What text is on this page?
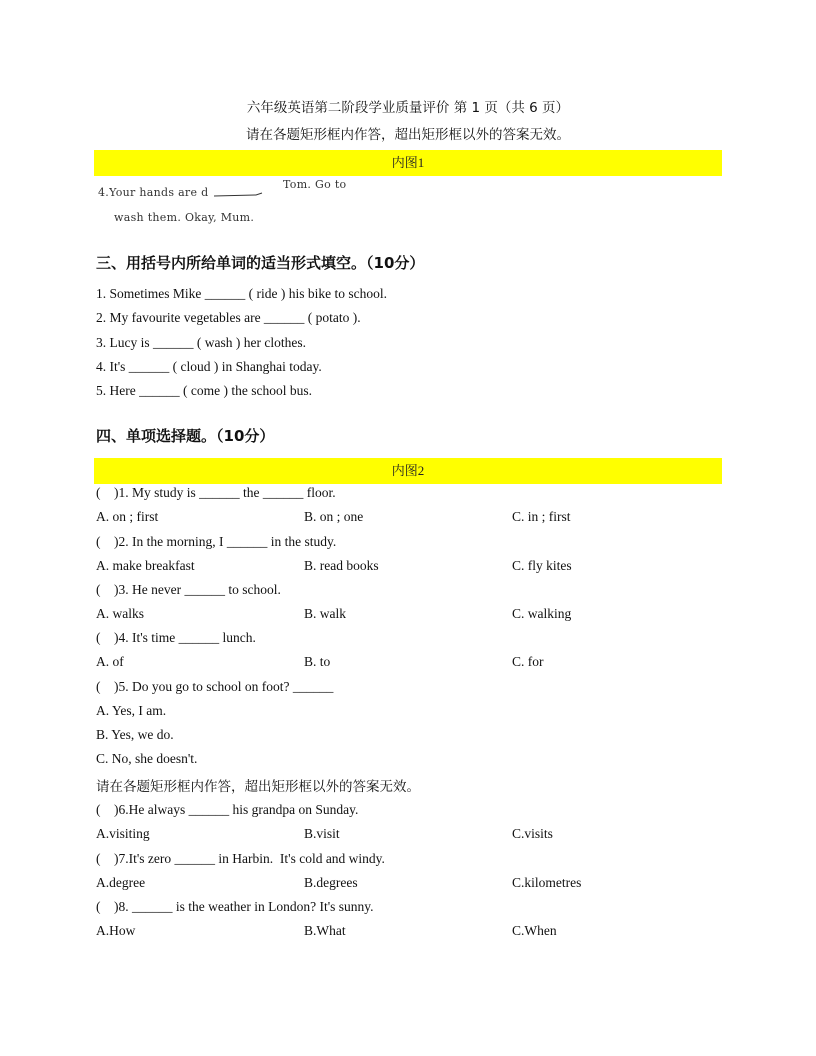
六年级英语第二阶段学业质量评价 第 1 页（共 6 页）
请在各题矩形框内作答，超出矩形框以外的答案无效。
内图1
4.Your hands are d
Tom. Go to
wash them. Okay, Mum.
三、用括号内所给单词的适当形式填空。（10分）
1. Sometimes Mike ______ ( ride ) his bike to school.
2. My favourite vegetables are ______ ( potato ).
3. Lucy is ______ ( wash ) her clothes.
4. It's ______ ( cloud ) in Shanghai today.
5. Here ______ ( come ) the school bus.
四、单项选择题。（10分）
内图2
(    )1. My study is ______ the ______ floor.
A. on ; first	B. on ; one	C. in ; first
(    )2. In the morning, I ______ in the study.
A. make breakfast	B. read books	C. fly kites
(    )3. He never ______ to school.
A. walks	B. walk	C. walking
(    )4. It's time ______ lunch.
A. of	B. to	C. for
(    )5. Do you go to school on foot? ______
A. Yes, I am.
B. Yes, we do.
C. No, she doesn't.
请在各题矩形框内作答，超出矩形框以外的答案无效。
(    )6.He always ______ his grandpa on Sunday.
A.visiting	B.visit	C.visits
(    )7.It's zero ______ in Harbin.  It's cold and windy.
A.degree	B.degrees	C.kilometres
(    )8. ______ is the weather in London? It's sunny.
A.How	B.What	C.When
